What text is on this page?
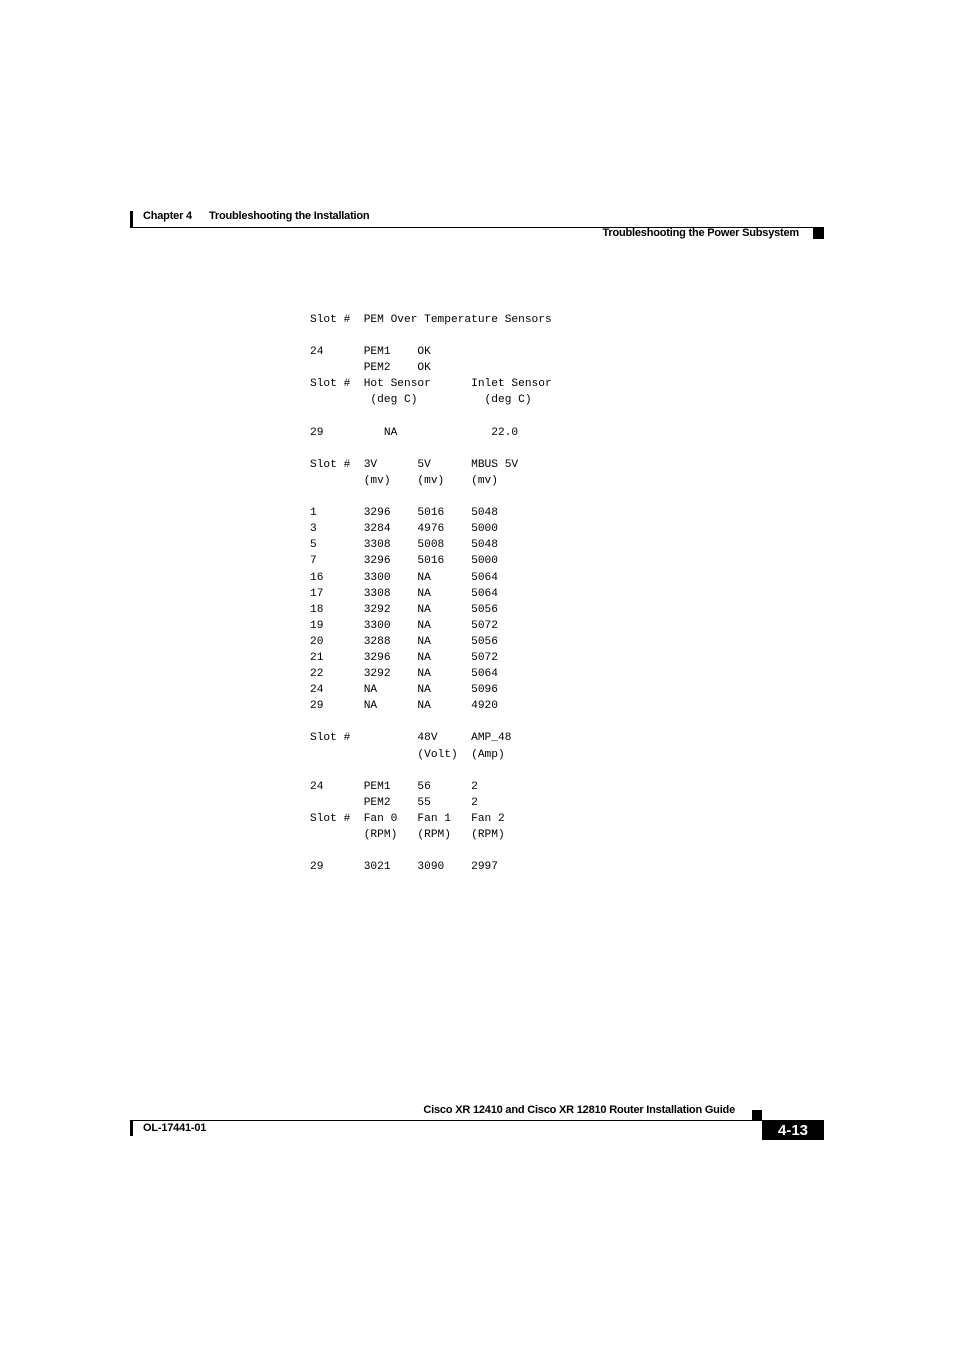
Chapter 4 Troubleshooting the Installation
Troubleshooting the Power Subsystem
Slot #  PEM Over Temperature Sensors

24      PEM1    OK
PEM2    OK
Slot #  Hot Sensor      Inlet Sensor
(deg C)          (deg C)

29         NA              22.0

Slot #  3V      5V      MBUS 5V
(mv)    (mv)    (mv)

1       3296    5016    5048
3       3284    4976    5000
5       3308    5008    5048
7       3296    5016    5000
16      3300    NA      5064
17      3308    NA      5064
18      3292    NA      5056
19      3300    NA      5072
20      3288    NA      5056
21      3296    NA      5072
22      3292    NA      5064
24      NA      NA      5096
29      NA      NA      4920

Slot #          48V     AMP_48
(Volt)  (Amp)

24      PEM1    56      2
PEM2    55      2
Slot #  Fan 0   Fan 1   Fan 2
(RPM)   (RPM)   (RPM)

29      3021    3090    2997
Cisco XR 12410 and Cisco XR 12810 Router Installation Guide
OL-17441-01	4-13
